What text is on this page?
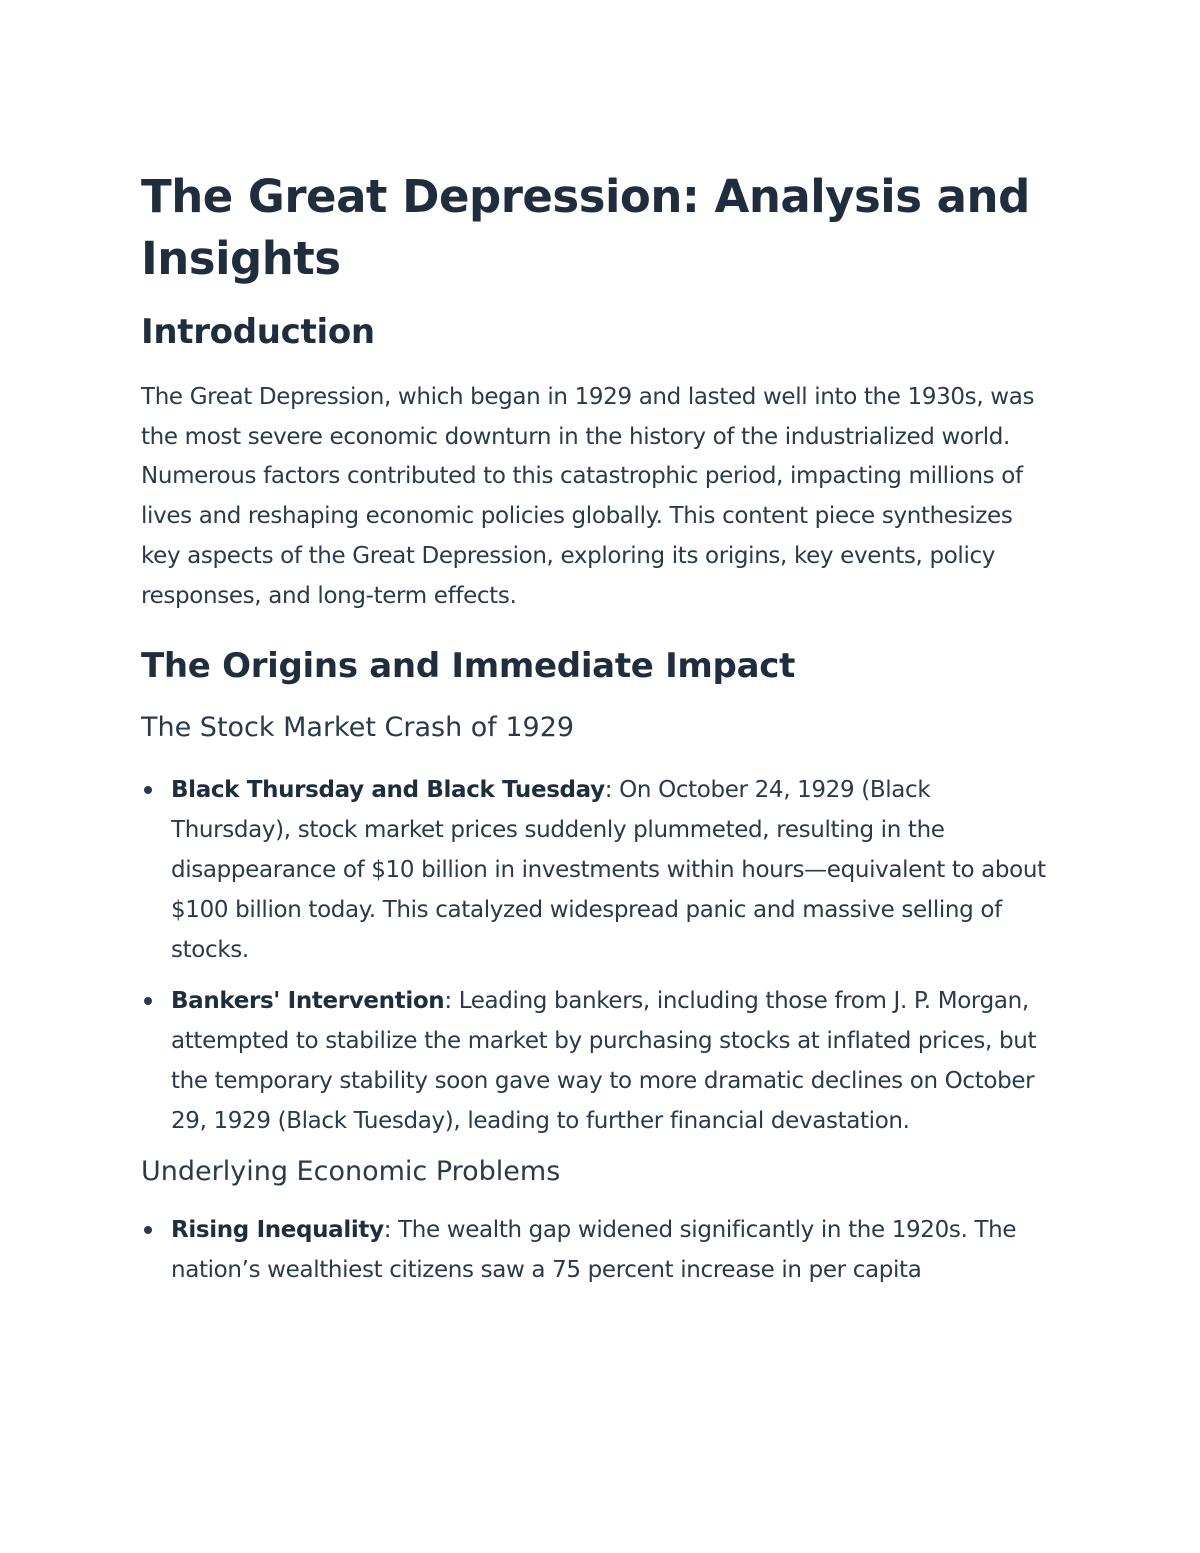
The Great Depression: Analysis and Insights
Introduction

The Great Depression, which began in 1929 and lasted well into the 1930s, was the most severe economic downturn in the history of the industrialized world. Numerous factors contributed to this catastrophic period, impacting millions of lives and reshaping economic policies globally. This content piece synthesizes key aspects of the Great Depression, exploring its origins, key events, policy responses, and long-term effects.

The Origins and Immediate Impact
The Stock Market Crash of 1929
Black Thursday and Black Tuesday: On October 24, 1929 (Black Thursday), stock market prices suddenly plummeted, resulting in the disappearance of $10 billion in investments within hours—equivalent to about $100 billion today. This catalyzed widespread panic and massive selling of stocks.
Bankers' Intervention: Leading bankers, including those from J. P. Morgan, attempted to stabilize the market by purchasing stocks at inflated prices, but the temporary stability soon gave way to more dramatic declines on October 29, 1929 (Black Tuesday), leading to further financial devastation.
Underlying Economic Problems
Rising Inequality: The wealth gap widened significantly in the 1920s. The nation’s wealthiest citizens saw a 75 percent increase in per capita
